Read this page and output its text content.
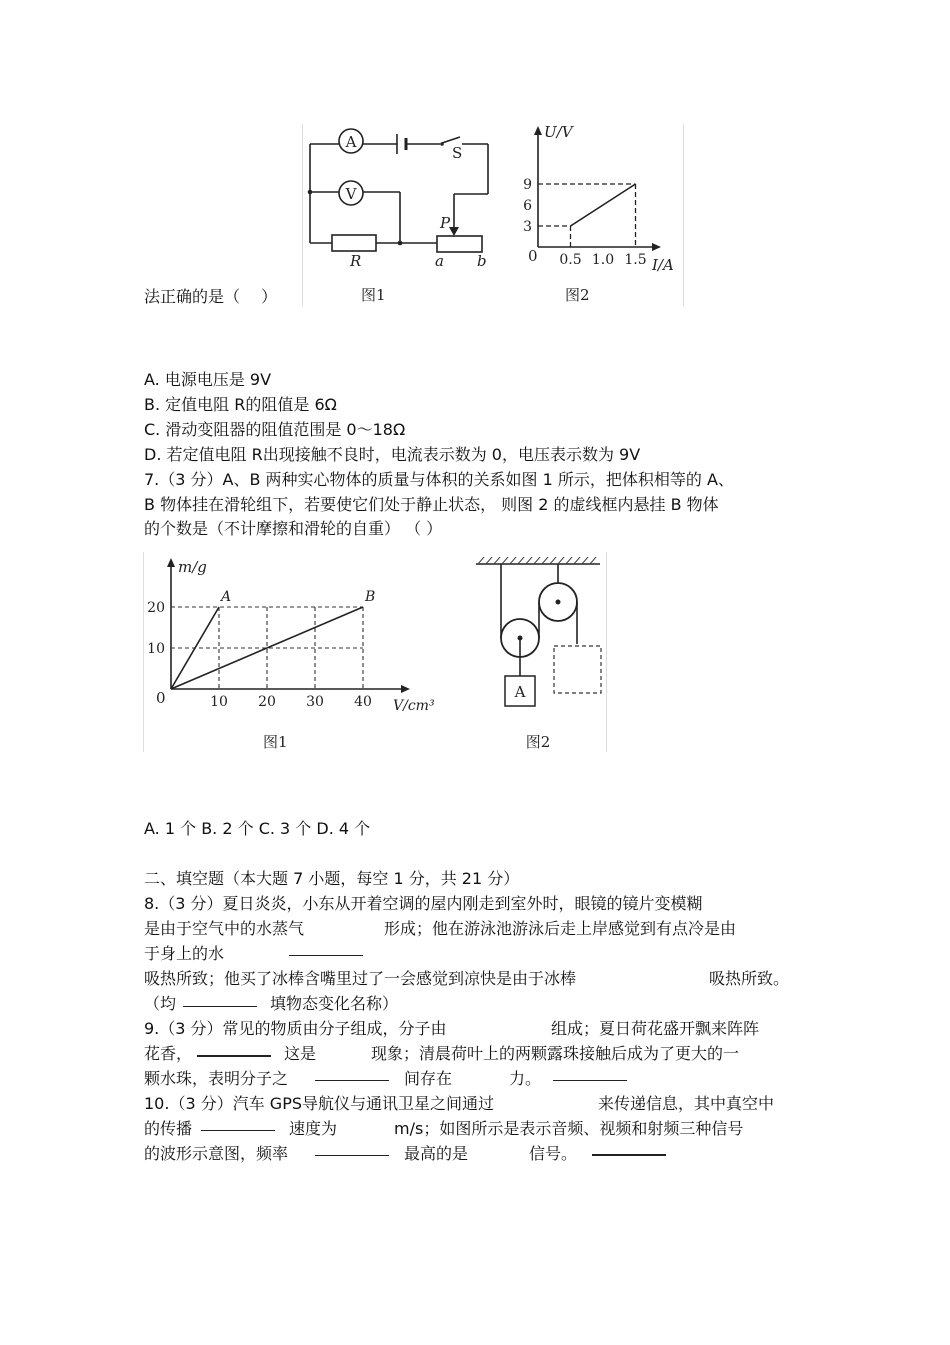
A
V
S
P
R	a b
图1
U/V
I/A
0 0.5 1.0 1.5
3
6
9
图2
法正确的是（　 ）
A. 电源电压是 9V
B. 定值电阻 R的阻值是 6Ω
C. 滑动变阻器的阻值范围是 0～18Ω
D. 若定值电阻 R出现接触不良时，电流表示数为 0，电压表示数为 9V
7.（3 分）A、B 两种实心物体的质量与体积的关系如图 1 所示，把体积相等的 A、
B 物体挂在滑轮组下，若要使它们处于静止状态， 则图 2 的虚线框内悬挂 B 物体
的个数是（不计摩擦和滑轮的自重） （ ）
m/g
V/cm³
0	10 20 30 40
10
20
A	B
图1
A
图2
A. 1 个 B. 2 个 C. 3 个 D. 4 个
二、填空题（本大题 7 小题，每空 1 分，共 21 分）
8.（3 分）夏日炎炎，小东从开着空调的屋内刚走到室外时，眼镜的镜片变模糊
是由于空气中的水蒸气	形成；他在游泳池游泳后走上岸感觉到有点冷是由
于身上的水
吸热所致；他买了冰棒含嘴里过了一会感觉到凉快是由于冰棒	吸热所致。
（均	填物态变化名称）
9.（3 分）常见的物质由分子组成，分子由	组成；夏日荷花盛开飘来阵阵
花香，	这是	现象；清晨荷叶上的两颗露珠接触后成为了更大的一
颗水珠，表明分子之	间存在	力。
10.（3 分）汽车 GPS导航仪与通讯卫星之间通过	来传递信息，其中真空中
的传播	速度为	m/s；如图所示是表示音频、视频和射频三种信号
的波形示意图，频率	最高的是	信号。
